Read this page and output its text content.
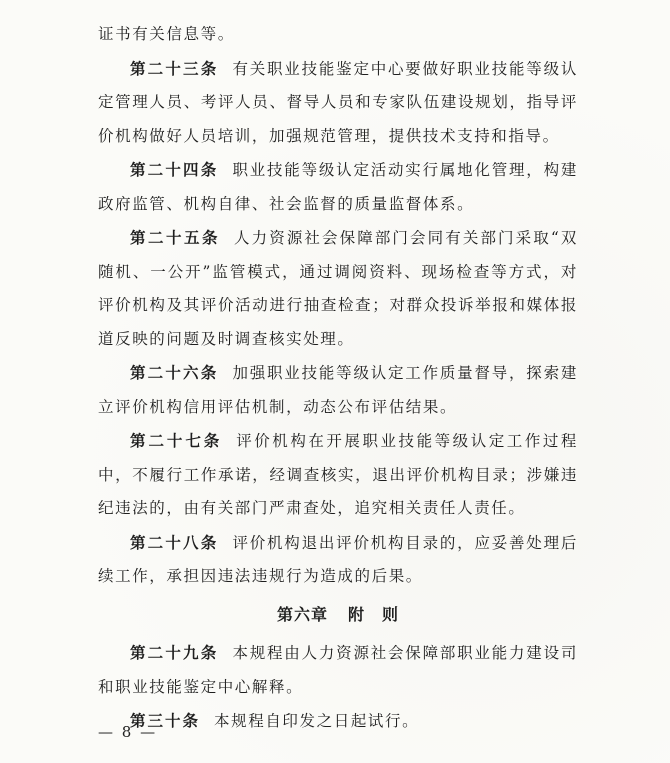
证书有关信息等。

第二十三条 有关职业技能鉴定中心要做好职业技能等级认定管理人员、考评人员、督导人员和专家队伍建设规划，指导评价机构做好人员培训，加强规范管理，提供技术支持和指导。

第二十四条 职业技能等级认定活动实行属地化管理，构建政府监管、机构自律、社会监督的质量监督体系。

第二十五条 人力资源社会保障部门会同有关部门采取“双随机、一公开”监管模式，通过调阅资料、现场检查等方式，对评价机构及其评价活动进行抽查检查；对群众投诉举报和媒体报道反映的问题及时调查核实处理。

第二十六条 加强职业技能等级认定工作质量督导，探索建立评价机构信用评估机制，动态公布评估结果。

第二十七条 评价机构在开展职业技能等级认定工作过程中，不履行工作承诺，经调查核实，退出评价机构目录；涉嫌违纪违法的，由有关部门严肃查处，追究相关责任人责任。

第二十八条 评价机构退出评价机构目录的，应妥善处理后续工作，承担因违法违规行为造成的后果。

第六章 附　则

第二十九条 本规程由人力资源社会保障部职业能力建设司和职业技能鉴定中心解释。

第三十条 本规程自印发之日起试行。

— 8 —
